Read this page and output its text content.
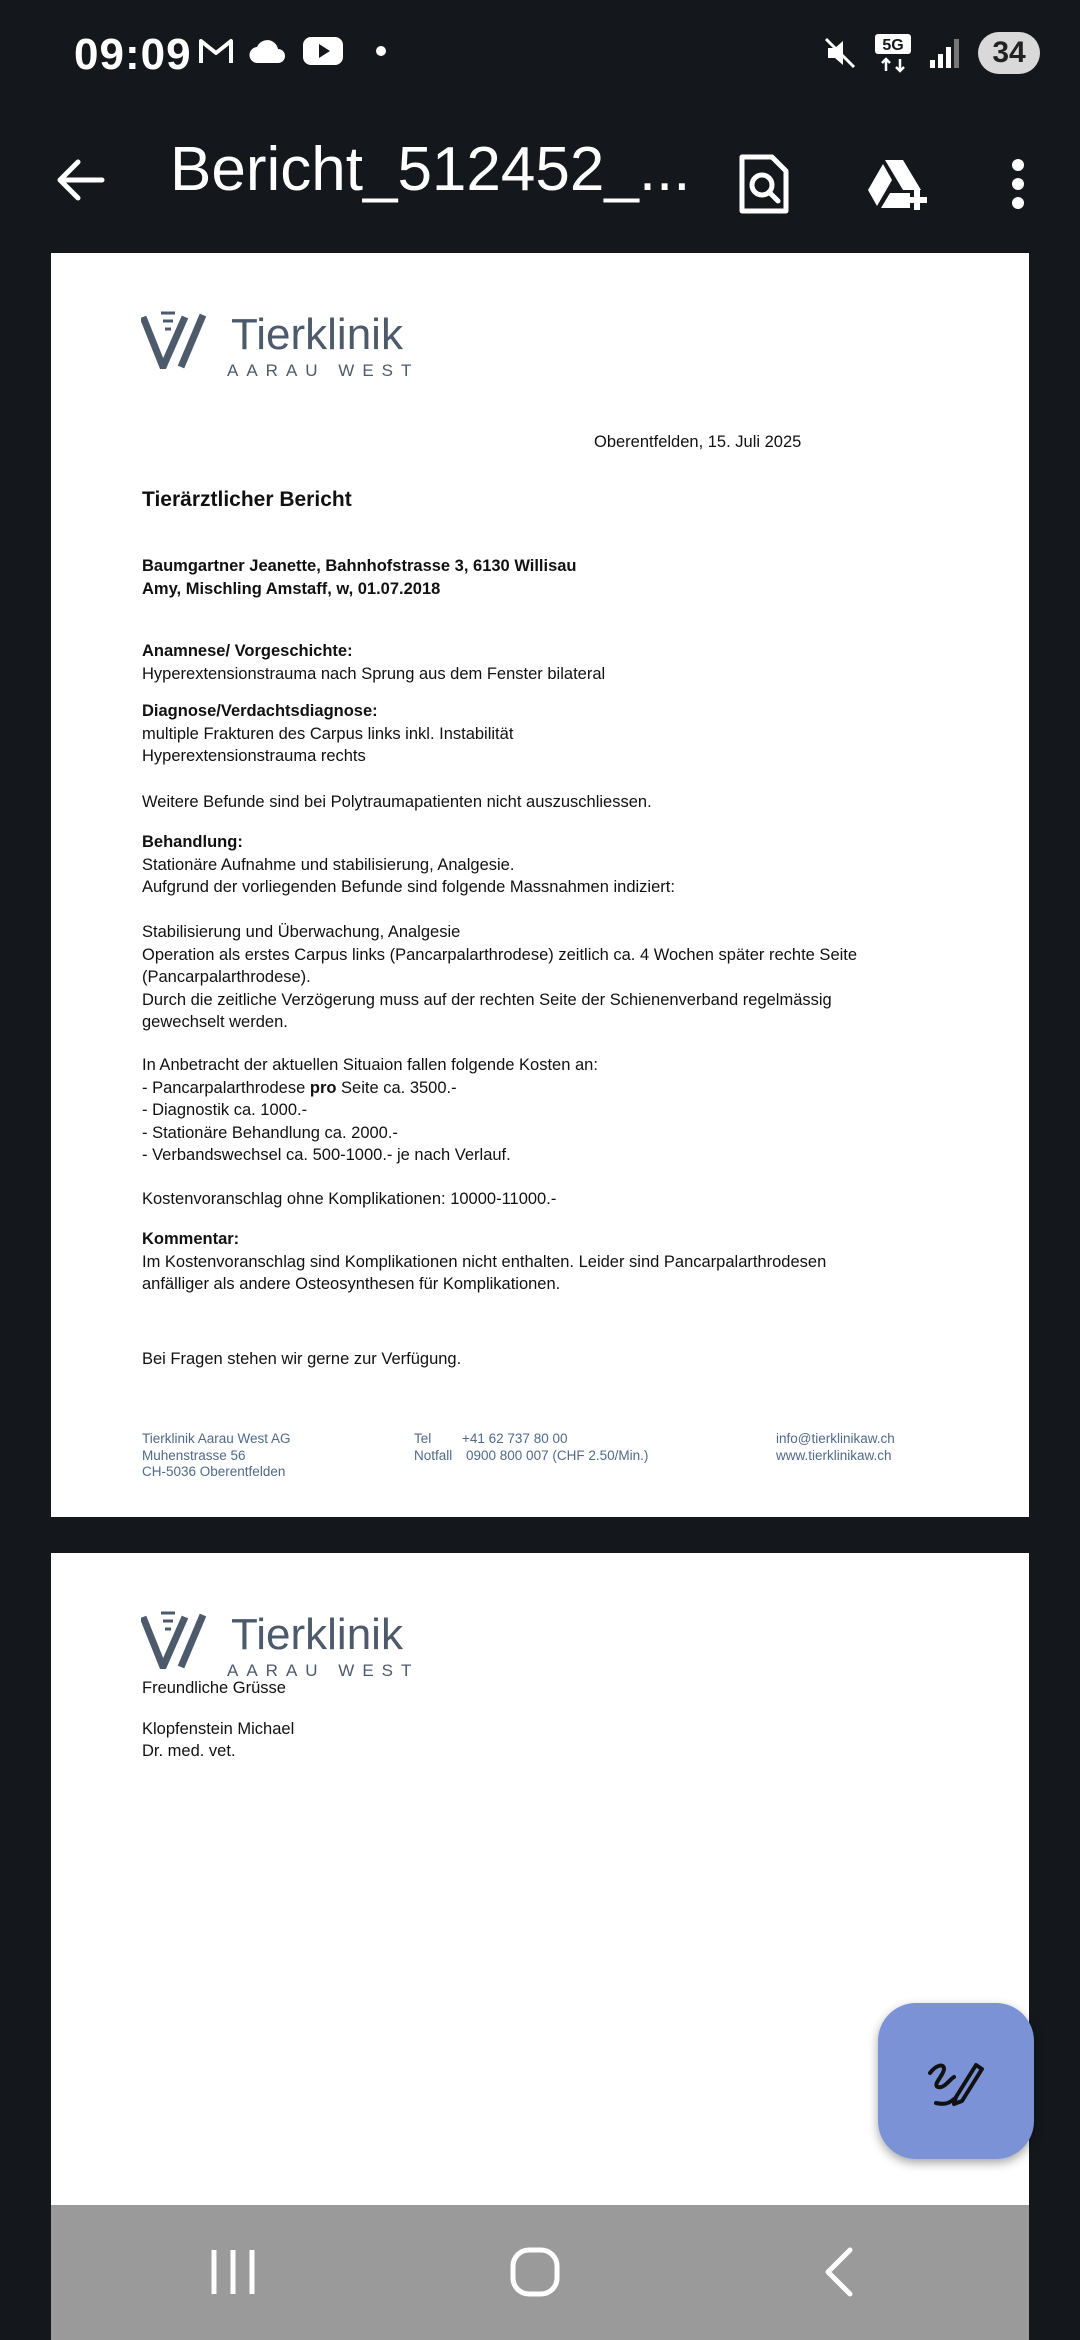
09:09	5G	34
Bericht_512452_...
Tierklinik
AARAU WEST
Oberentfelden, 15. Juli 2025
Tierärztlicher Bericht
Baumgartner Jeanette, Bahnhofstrasse 3, 6130 Willisau
Amy, Mischling Amstaff, w, 01.07.2018
Anamnese/ Vorgeschichte:
Hyperextensionstrauma nach Sprung aus dem Fenster bilateral
Diagnose/Verdachtsdiagnose:
multiple Frakturen des Carpus links inkl. Instabilität
Hyperextensionstrauma rechts
Weitere Befunde sind bei Polytraumapatienten nicht auszuschliessen.
Behandlung:
Stationäre Aufnahme und stabilisierung, Analgesie.
Aufgrund der vorliegenden Befunde sind folgende Massnahmen indiziert:
Stabilisierung und Überwachung, Analgesie
Operation als erstes Carpus links (Pancarpalarthrodese) zeitlich ca. 4 Wochen später rechte Seite
(Pancarpalarthrodese).
Durch die zeitliche Verzögerung muss auf der rechten Seite der Schienenverband regelmässig
gewechselt werden.
In Anbetracht der aktuellen Situaion fallen folgende Kosten an:
- Pancarpalarthrodese pro Seite ca. 3500.-
- Diagnostik ca. 1000.-
- Stationäre Behandlung ca. 2000.-
- Verbandswechsel ca. 500-1000.- je nach Verlauf.
Kostenvoranschlag ohne Komplikationen: 10000-11000.-
Kommentar:
Im Kostenvoranschlag sind Komplikationen nicht enthalten. Leider sind Pancarpalarthrodesen
anfälliger als andere Osteosynthesen für Komplikationen.
Bei Fragen stehen wir gerne zur Verfügung.
Tierklinik Aarau West AG
Muhenstrasse 56
CH-5036 Oberentfelden
Tel +41 62 737 80 00
Notfall 0900 800 007 (CHF 2.50/Min.)
info@tierklinikaw.ch
www.tierklinikaw.ch
Tierklinik
AARAU WEST
Freundliche Grüsse
Klopfenstein Michael
Dr. med. vet.
